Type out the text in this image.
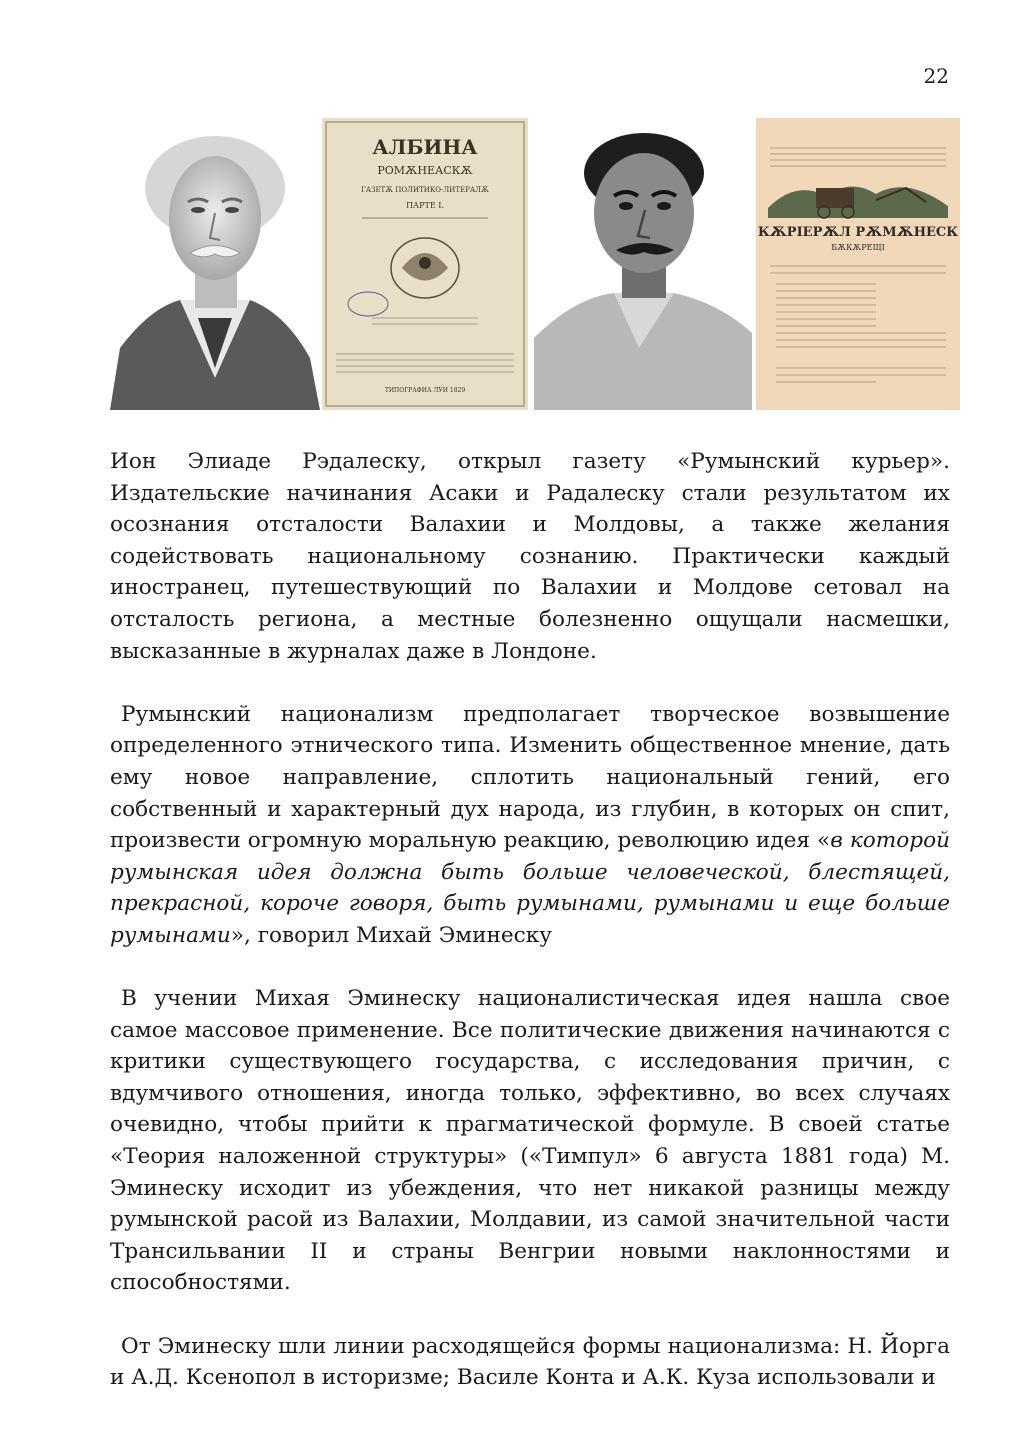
22
АЛБИНА
РОМѪНЕАСКѪ
ГАЗЕТѪ ПОЛИТИКО-ЛИТЕРАЛѪ
ПАРТЕ I.
ТИПОГРАФИА ЛУИ 1829
КѪРІЕРѪЛ РѪМѪНЕСК
БѪКѪРЕЩІ

Ион Элиаде Рэдалеску, открыл газету «Румынский курьер». Издательские начинания Асаки и Радалеску стали результатом их осознания отсталости Валахии и Молдовы, а также желания содействовать национальному сознанию. Практически каждый иностранец, путешествующий по Валахии и Молдове сетовал на отсталость региона, а местные болезненно ощущали насмешки, высказанные в журналах даже в Лондоне.

Румынский национализм предполагает творческое возвышение определенного этнического типа. Изменить общественное мнение, дать ему новое направление, сплотить национальный гений, его собственный и характерный дух народа, из глубин, в которых он спит, произвести огромную моральную реакцию, революцию идея «в которой румынская идея должна быть больше человеческой, блестящей, прекрасной, короче говоря, быть румынами, румынами и еще больше румынами», говорил Михай Эминеску

В учении Михая Эминеску националистическая идея нашла свое самое массовое применение. Все политические движения начинаются с критики существующего государства, с исследования причин, с вдумчивого отношения, иногда только, эффективно, во всех случаях очевидно, чтобы прийти к прагматической формуле. В своей статье «Теория наложенной структуры» («Тимпул» 6 августа 1881 года) М. Эминеску исходит из убеждения, что нет никакой разницы между румынской расой из Валахии, Молдавии, из самой значительной части Трансильвании II и страны Венгрии новыми наклонностями и способностями.

От Эминеску шли линии расходящейся формы национализма: Н. Йорга и А.Д. Ксенопол в историзме; Василе Конта и А.К. Куза использовали и
